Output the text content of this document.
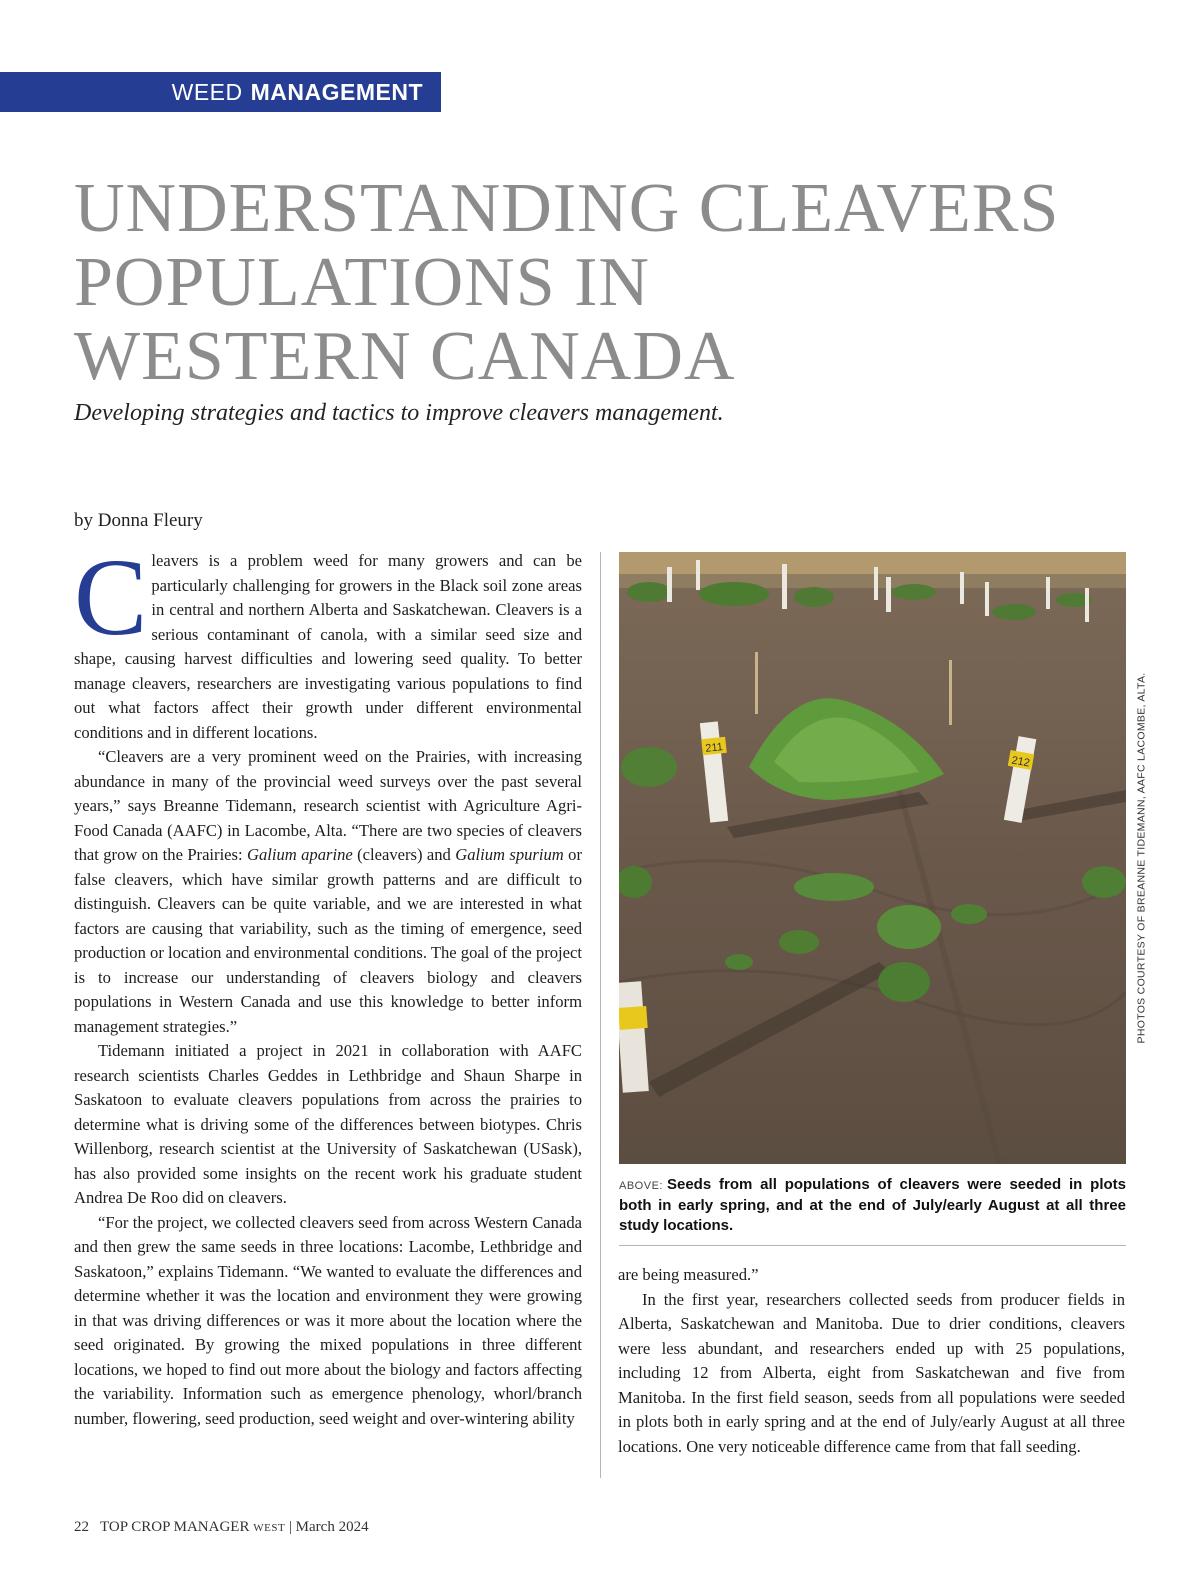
WEED MANAGEMENT
UNDERSTANDING CLEAVERS
POPULATIONS IN
WESTERN CANADA
Developing strategies and tactics to improve cleavers management.
by Donna Fleury

Cleavers is a problem weed for many growers and can be particularly challenging for growers in the Black soil zone areas in central and northern Alberta and Saskatchewan. Cleavers is a serious contaminant of canola, with a similar seed size and shape, causing harvest difficulties and lowering seed quality. To better manage cleavers, researchers are investigating various populations to find out what factors affect their growth under different environmental conditions and in different locations.

“Cleavers are a very prominent weed on the Prairies, with increasing abundance in many of the provincial weed surveys over the past several years,” says Breanne Tidemann, research scientist with Agriculture Agri-Food Canada (AAFC) in Lacombe, Alta. “There are two species of cleavers that grow on the Prairies: Galium aparine (cleavers) and Galium spurium or false cleavers, which have similar growth patterns and are difficult to distinguish. Cleavers can be quite variable, and we are interested in what factors are causing that variability, such as the timing of emergence, seed production or location and environmental conditions. The goal of the project is to increase our understanding of cleavers biology and cleavers populations in Western Canada and use this knowledge to better inform management strategies.”

Tidemann initiated a project in 2021 in collaboration with AAFC research scientists Charles Geddes in Lethbridge and Shaun Sharpe in Saskatoon to evaluate cleavers populations from across the prairies to determine what is driving some of the differences between biotypes. Chris Willenborg, research scientist at the University of Saskatchewan (USask), has also provided some insights on the recent work his graduate student Andrea De Roo did on cleavers.

“For the project, we collected cleavers seed from across Western Canada and then grew the same seeds in three locations: Lacombe, Lethbridge and Saskatoon,” explains Tidemann. “We wanted to evaluate the differences and determine whether it was the location and environment they were growing in that was driving differences or was it more about the location where the seed originated. By growing the mixed populations in three different locations, we hoped to find out more about the biology and factors affecting the variability. Information such as emergence phenology, whorl/branch number, flowering, seed production, seed weight and over-wintering ability

211
212	PHOTOS COURTESY OF BREANNE TIDEMANN, AAFC LACOMBE, ALTA.
ABOVE: Seeds from all populations of cleavers were seeded in plots both in early spring, and at the end of July/early August at all three study locations.

are being measured.”

In the first year, researchers collected seeds from producer fields in Alberta, Saskatchewan and Manitoba. Due to drier conditions, cleavers were less abundant, and researchers ended up with 25 populations, including 12 from Alberta, eight from Saskatchewan and five from Manitoba. In the first field season, seeds from all populations were seeded in plots both in early spring and at the end of July/early August at all three locations. One very noticeable difference came from that fall seeding.

22 TOP CROP MANAGER WEST | March 2024
